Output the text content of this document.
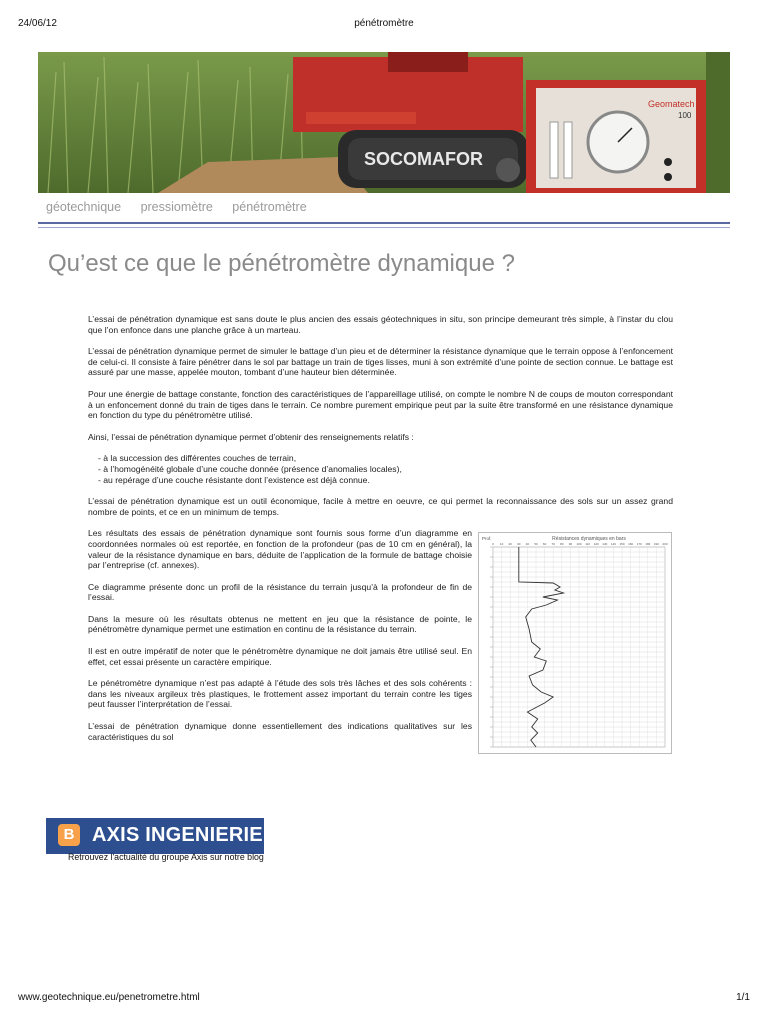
24/06/12	pénétromètre
SOCOMAFOR
Geomatech
100
géotechnique pressiomètre pénétromètre
Qu’est ce que le pénétromètre dynamique ?

L’essai de pénétration dynamique est sans doute le plus ancien des essais géotechniques in situ, son principe demeurant très simple, à l’instar du clou que l’on enfonce dans une planche grâce à un marteau.

L’essai de pénétration dynamique permet de simuler le battage d’un pieu et de déterminer la résistance dynamique que le terrain oppose à l’enfoncement de celui-ci. Il consiste à faire pénétrer dans le sol par battage un train de tiges lisses, muni à son extrémité d’une pointe de section connue. Le battage est assuré par une masse, appelée mouton, tombant d’une hauteur bien déterminée.

Pour une énergie de battage constante, fonction des caractéristiques de l’appareillage utilisé, on compte le nombre N de coups de mouton correspondant à un enfoncement donné du train de tiges dans le terrain. Ce nombre purement empirique peut par la suite être transformé en une résistance dynamique en fonction du type du pénétromètre utilisé.

Ainsi, l’essai de pénétration dynamique permet d’obtenir des renseignements relatifs :

- à la succession des différentes couches de terrain,
- à l’homogénéité globale d’une couche donnée (présence d’anomalies locales),
- au repérage d’une couche résistante dont l’existence est déjà connue.

L’essai de pénétration dynamique est un outil économique, facile à mettre en oeuvre, ce qui permet la reconnaissance des sols sur un assez grand nombre de points, et ce en un minimum de temps.

Les résultats des essais de pénétration dynamique sont fournis sous forme d’un diagramme en coordonnées normales où est reportée, en fonction de la profondeur (pas de 10 cm en général), la valeur de la résistance dynamique en bars, déduite de l’application de la formule de battage choisie par l’entreprise (cf. annexes).

Ce diagramme présente donc un profil de la résistance du terrain jusqu’à la profondeur de fin de l’essai.

Dans la mesure où les résultats obtenus ne mettent en jeu que la résistance de pointe, le pénétromètre dynamique permet une estimation en continu de la résistance du terrain.

Il est en outre impératif de noter que le pénétromètre dynamique ne doit jamais être utilisé seul. En effet, cet essai présente un caractère empirique.

Le pénétromètre dynamique n’est pas adapté à l’étude des sols très lâches et des sols cohérents : dans les niveaux argileux très plastiques, le frottement assez important du terrain contre les tiges peut fausser l’interprétation de l’essai.

L’essai de pénétration dynamique donne essentiellement des indications qualitatives sur les caractéristiques du sol

0 10 20 30 40 50 60 70 80 90 100 110 120 130 140 150 160 170 180 190 200
Résistances dynamiques en bars
Prof.
B AXIS INGENIERIE
Retrouvez l'actualité du groupe Axis sur notre blog
www.geotechnique.eu/penetrometre.html	1/1
